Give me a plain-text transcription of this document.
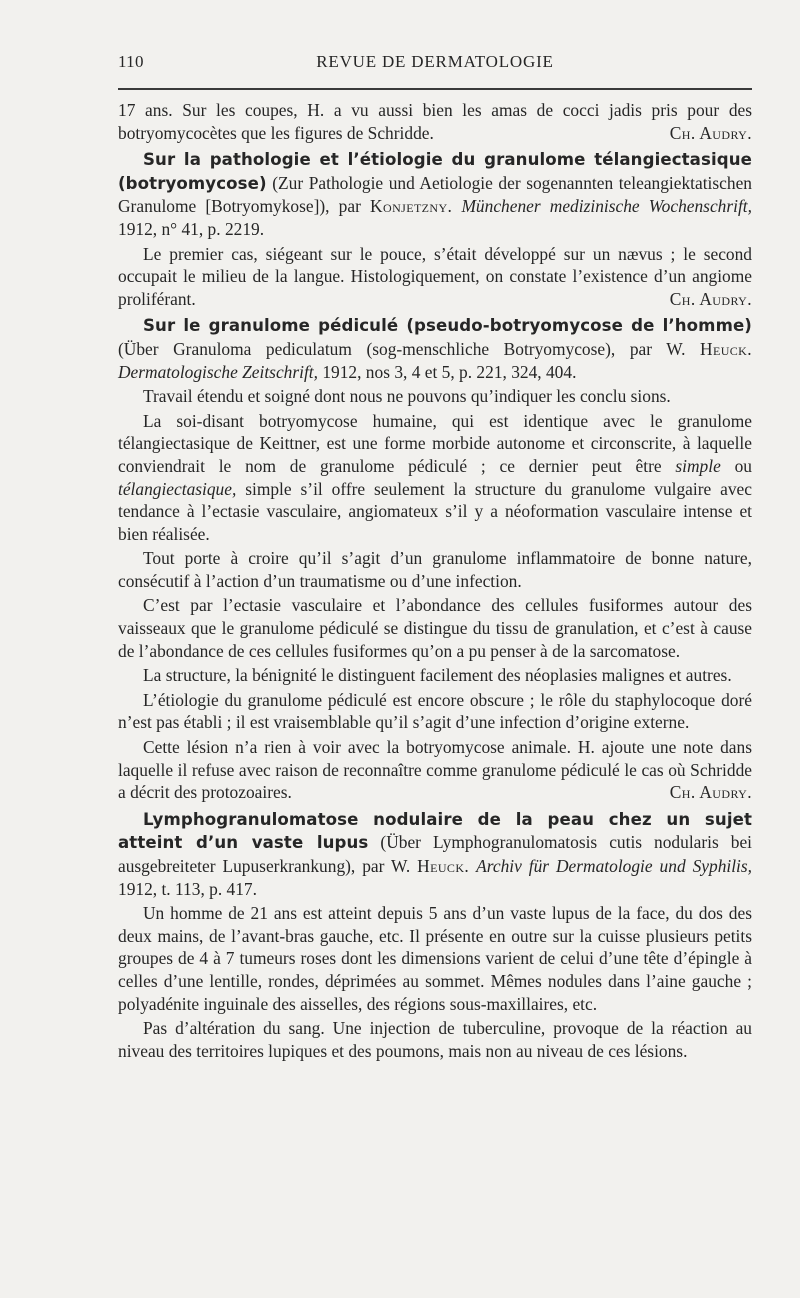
110	REVUE DE DERMATOLOGIE

17 ans. Sur les coupes, H. a vu aussi bien les amas de cocci jadis pris pour des botryomycocètes que les figures de Schridde.	Ch. Audry.

Sur la pathologie et l’étiologie du granulome télangiectasique (botryomycose) (Zur Pathologie und Aetiologie der sogenannten teleangiektatischen Granulome [Botryomykose]), par Konjetzny. Münchener medizinische Wochenschrift, 1912, n° 41, p. 2219.

Le premier cas, siégeant sur le pouce, s’était développé sur un nævus ; le second occupait le milieu de la langue. Histologiquement, on constate l’existence d’un angiome proliférant.	Ch. Audry.

Sur le granulome pédiculé (pseudo-botryomycose de l’homme) (Über Granuloma pediculatum (sog-menschliche Botryomycose), par W. Heuck. Dermatologische Zeitschrift, 1912, nos 3, 4 et 5, p. 221, 324, 404.

Travail étendu et soigné dont nous ne pouvons qu’indiquer les conclu sions.

La soi-disant botryomycose humaine, qui est identique avec le granulome télangiectasique de Keittner, est une forme morbide autonome et circonscrite, à laquelle conviendrait le nom de granulome pédiculé ; ce dernier peut être simple ou télangiectasique, simple s’il offre seulement la structure du granulome vulgaire avec tendance à l’ectasie vasculaire, angiomateux s’il y a néoformation vasculaire intense et bien réalisée.

Tout porte à croire qu’il s’agit d’un granulome inflammatoire de bonne nature, consécutif à l’action d’un traumatisme ou d’une infection.

C’est par l’ectasie vasculaire et l’abondance des cellules fusiformes autour des vaisseaux que le granulome pédiculé se distingue du tissu de granulation, et c’est à cause de l’abondance de ces cellules fusiformes qu’on a pu penser à de la sarcomatose.

La structure, la bénignité le distinguent facilement des néoplasies malignes et autres.

L’étiologie du granulome pédiculé est encore obscure ; le rôle du staphylocoque doré n’est pas établi ; il est vraisemblable qu’il s’agit d’une infection d’origine externe.

Cette lésion n’a rien à voir avec la botryomycose animale. H. ajoute une note dans laquelle il refuse avec raison de reconnaître comme granulome pédiculé le cas où Schridde a décrit des protozoaires.	Ch. Audry.

Lymphogranulomatose nodulaire de la peau chez un sujet atteint d’un vaste lupus (Über Lymphogranulomatosis cutis nodularis bei ausgebreiteter Lupuserkrankung), par W. Heuck. Archiv für Dermatologie und Syphilis, 1912, t. 113, p. 417.

Un homme de 21 ans est atteint depuis 5 ans d’un vaste lupus de la face, du dos des deux mains, de l’avant-bras gauche, etc. Il présente en outre sur la cuisse plusieurs petits groupes de 4 à 7 tumeurs roses dont les dimensions varient de celui d’une tête d’épingle à celles d’une lentille, rondes, déprimées au sommet. Mêmes nodules dans l’aine gauche ; polyadénite inguinale des aisselles, des régions sous-maxillaires, etc.

Pas d’altération du sang. Une injection de tuberculine, provoque de la réaction au niveau des territoires lupiques et des poumons, mais non au niveau de ces lésions.
